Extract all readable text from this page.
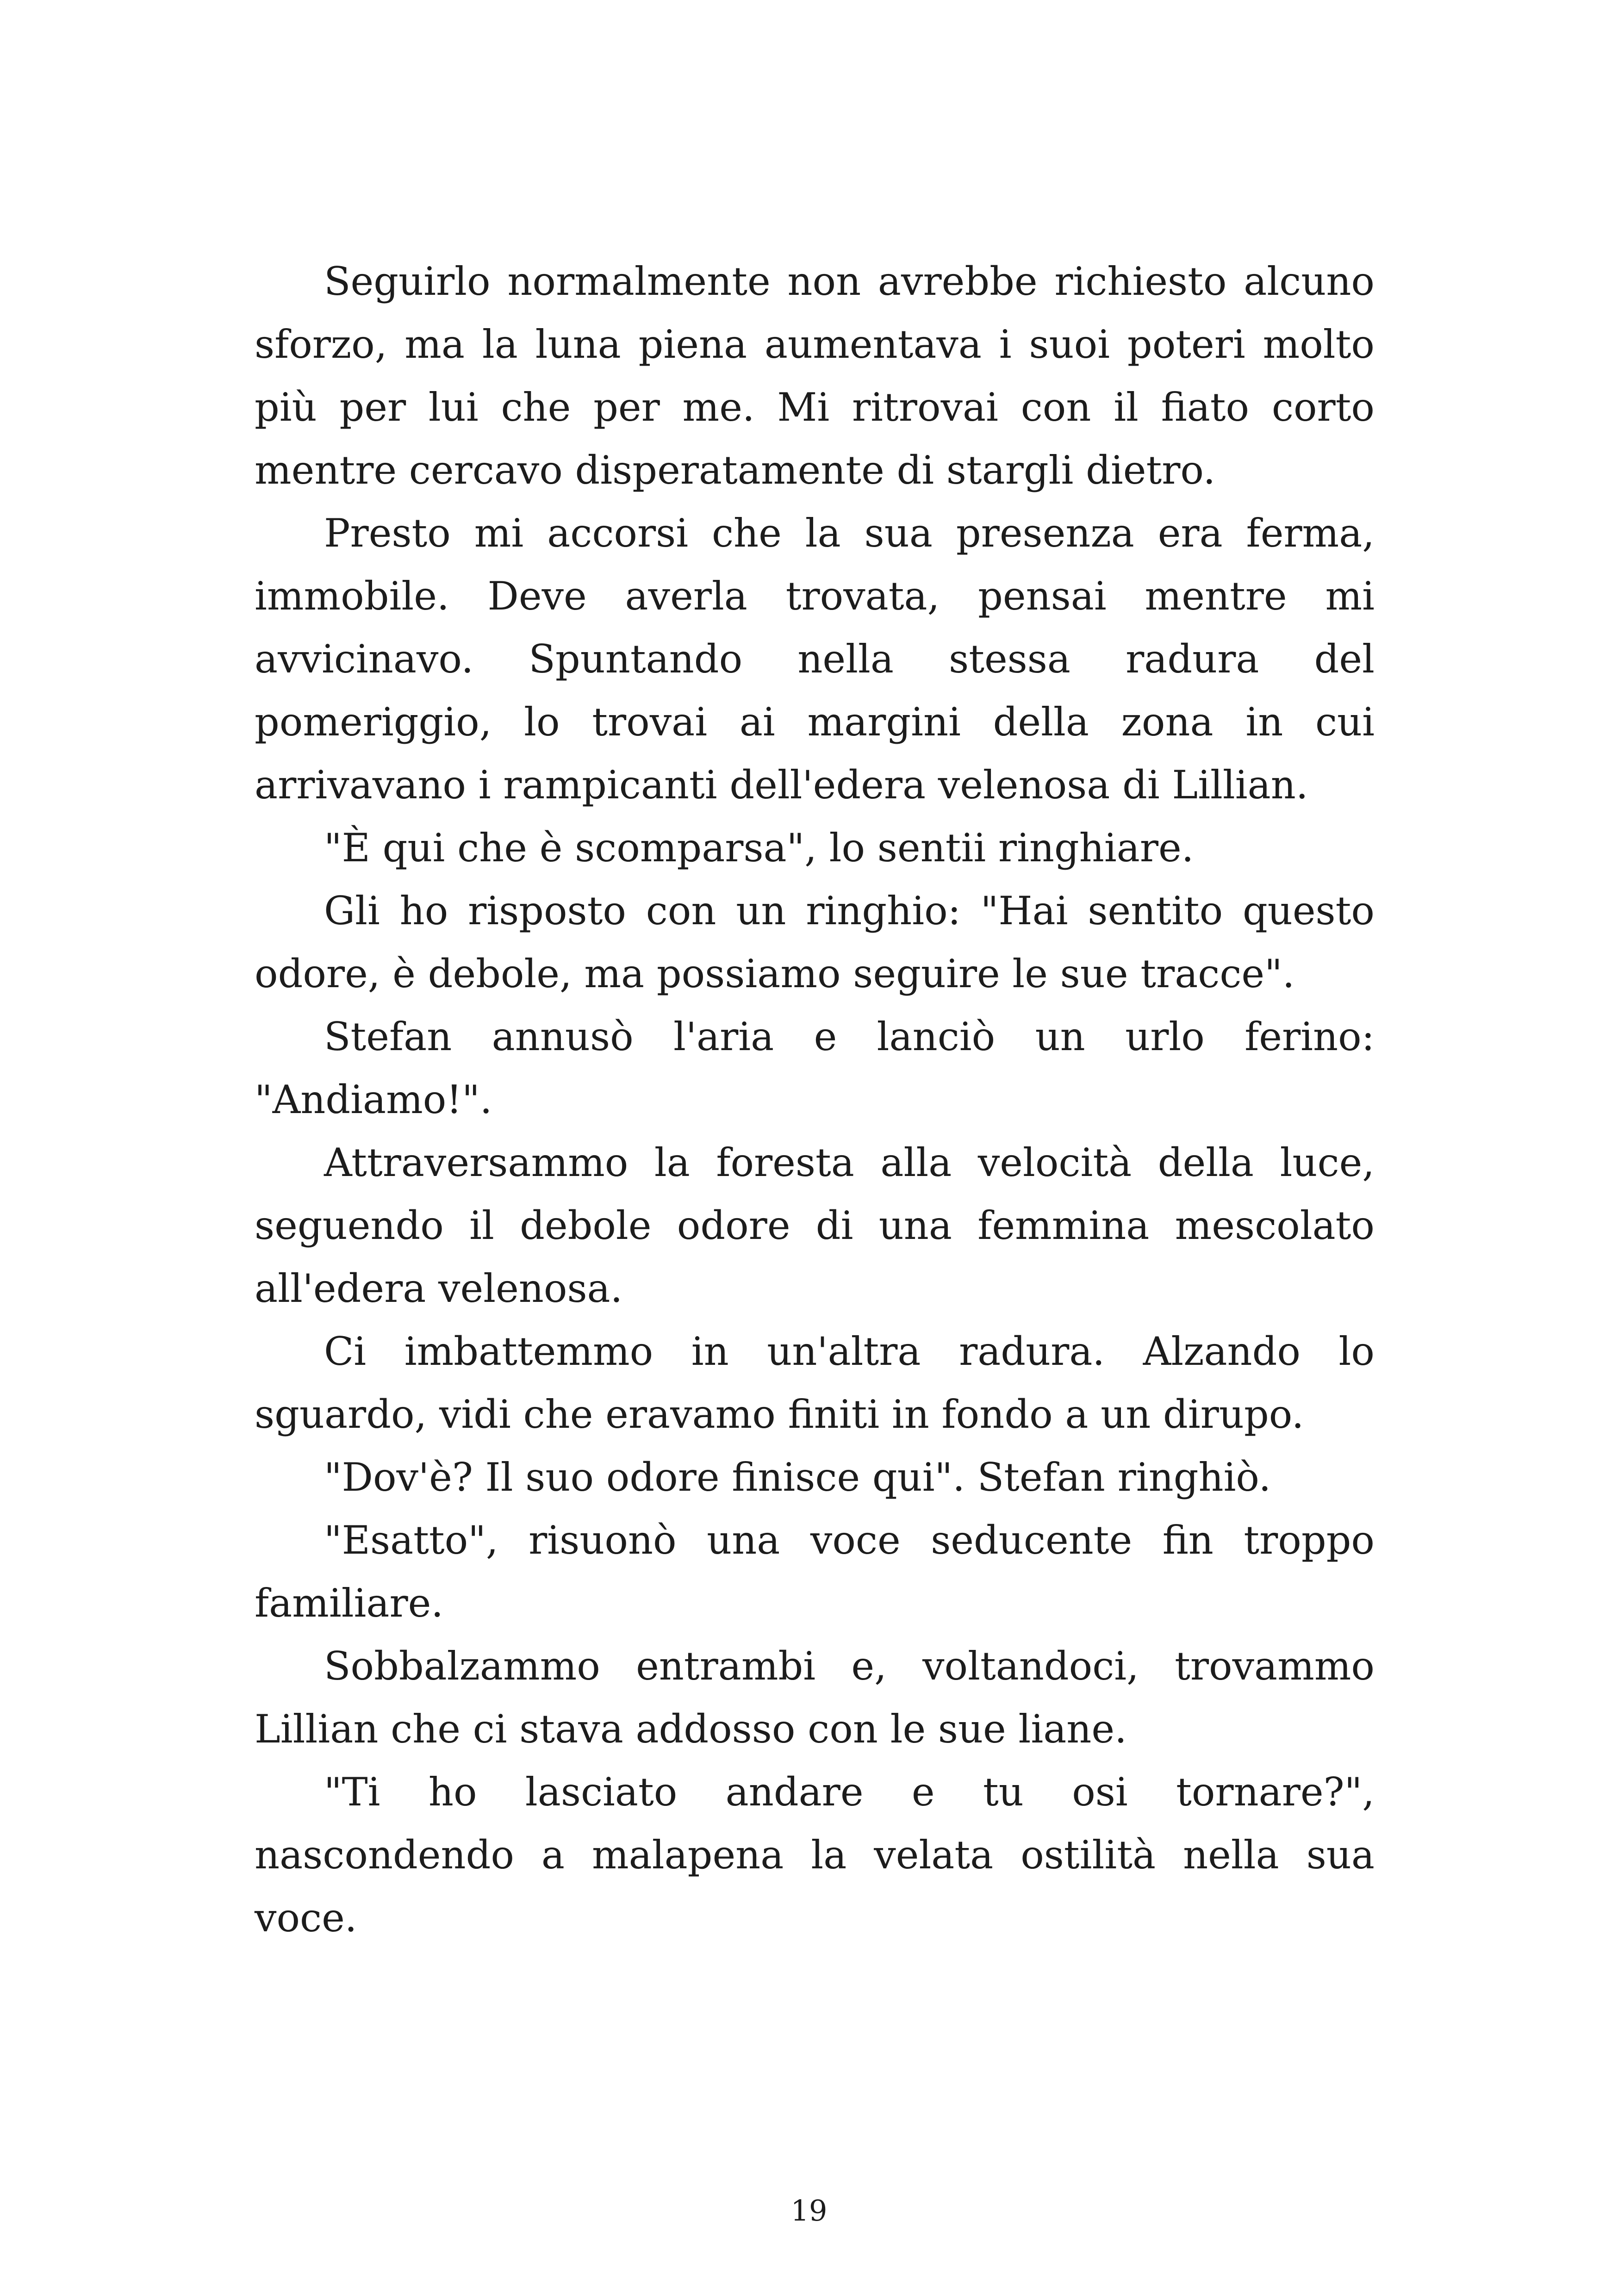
Seguirlo normalmente non avrebbe richiesto alcuno sforzo, ma la luna piena aumentava i suoi poteri molto più per lui che per me. Mi ritrovai con il fiato corto mentre cercavo disperatamente di stargli dietro.

Presto mi accorsi che la sua presenza era ferma, immobile. Deve averla trovata, pensai mentre mi avvicinavo. Spuntando nella stessa radura del pomeriggio, lo trovai ai margini della zona in cui arrivavano i rampicanti dell'edera velenosa di Lillian.

"È qui che è scomparsa", lo sentii ringhiare.

Gli ho risposto con un ringhio: "Hai sentito questo odore, è debole, ma possiamo seguire le sue tracce".

Stefan annusò l'aria e lanciò un urlo ferino: "Andiamo!".

Attraversammo la foresta alla velocità della luce, seguendo il debole odore di una femmina mescolato all'edera velenosa.

Ci imbattemmo in un'altra radura. Alzando lo sguardo, vidi che eravamo finiti in fondo a un dirupo.

"Dov'è? Il suo odore finisce qui". Stefan ringhiò.

"Esatto", risuonò una voce seducente fin troppo familiare.

Sobbalzammo entrambi e, voltandoci, trovammo Lillian che ci stava addosso con le sue liane.

"Ti ho lasciato andare e tu osi tornare?", nascondendo a malapena la velata ostilità nella sua voce.

19
